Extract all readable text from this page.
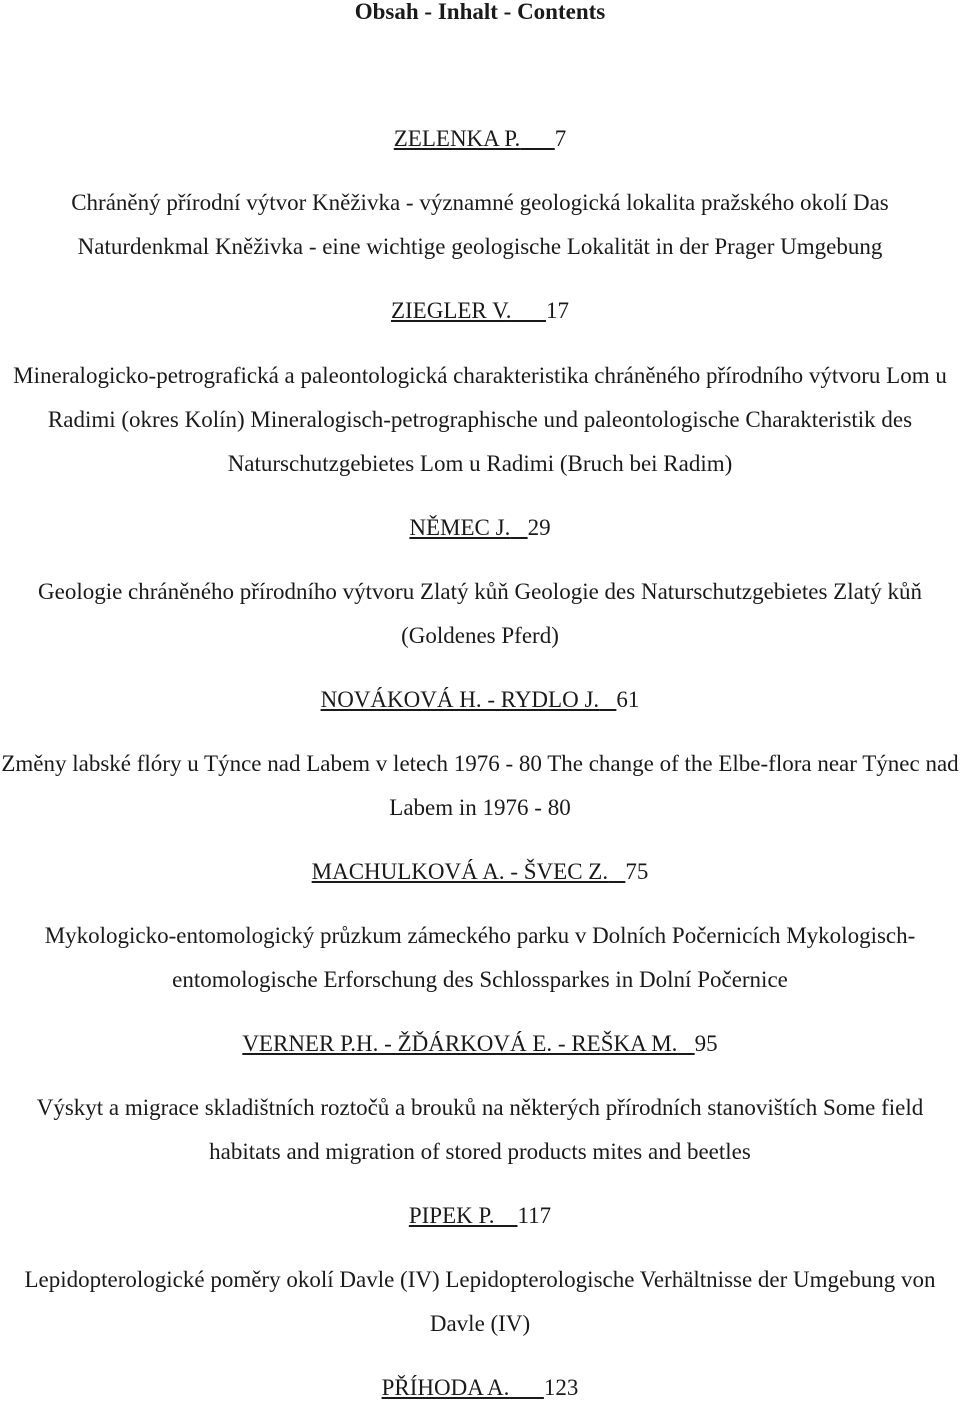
Obsah - Inhalt - Contents
ZELENKA P. 7
Chráněný přírodní výtvor Kněživka - významné geologická lokalita pražského okolí Das Naturdenkmal Kněživka - eine wichtige geologische Lokalität in der Prager Umgebung
ZIEGLER V. 17
Mineralogicko-petrografická a paleontologická charakteristika chráněného přírodního výtvoru Lom u Radimi (okres Kolín) Mineralogisch-petrographische und paleontologische Charakteristik des Naturschutzgebietes Lom u Radimi (Bruch bei Radim)
NĚMEC J. 29
Geologie chráněného přírodního výtvoru Zlatý kůň Geologie des Naturschutzgebietes Zlatý kůň (Goldenes Pferd)
NOVÁKOVÁ H. - RYDLO J. 61
Změny labské flóry u Týnce nad Labem v letech 1976 - 80 The change of the Elbe-flora near Týnec nad Labem in 1976 - 80
MACHULKOVÁ A. - ŠVEC Z. 75
Mykologicko-entomologický průzkum zámeckého parku v Dolních Počernicích Mykologisch-entomologische Erforschung des Schlossparkes in Dolní Počernice
VERNER P.H. - ŽĎÁRKOVÁ E. - REŠKA M. 95
Výskyt a migrace skladištních roztočů a brouků na některých přírodních stanovištích Some field habitats and migration of stored products mites and beetles
PIPEK P. 117
Lepidopterologické poměry okolí Davle (IV) Lepidopterologische Verhältnisse der Umgebung von Davle (IV)
PŘÍHODA A. 123
